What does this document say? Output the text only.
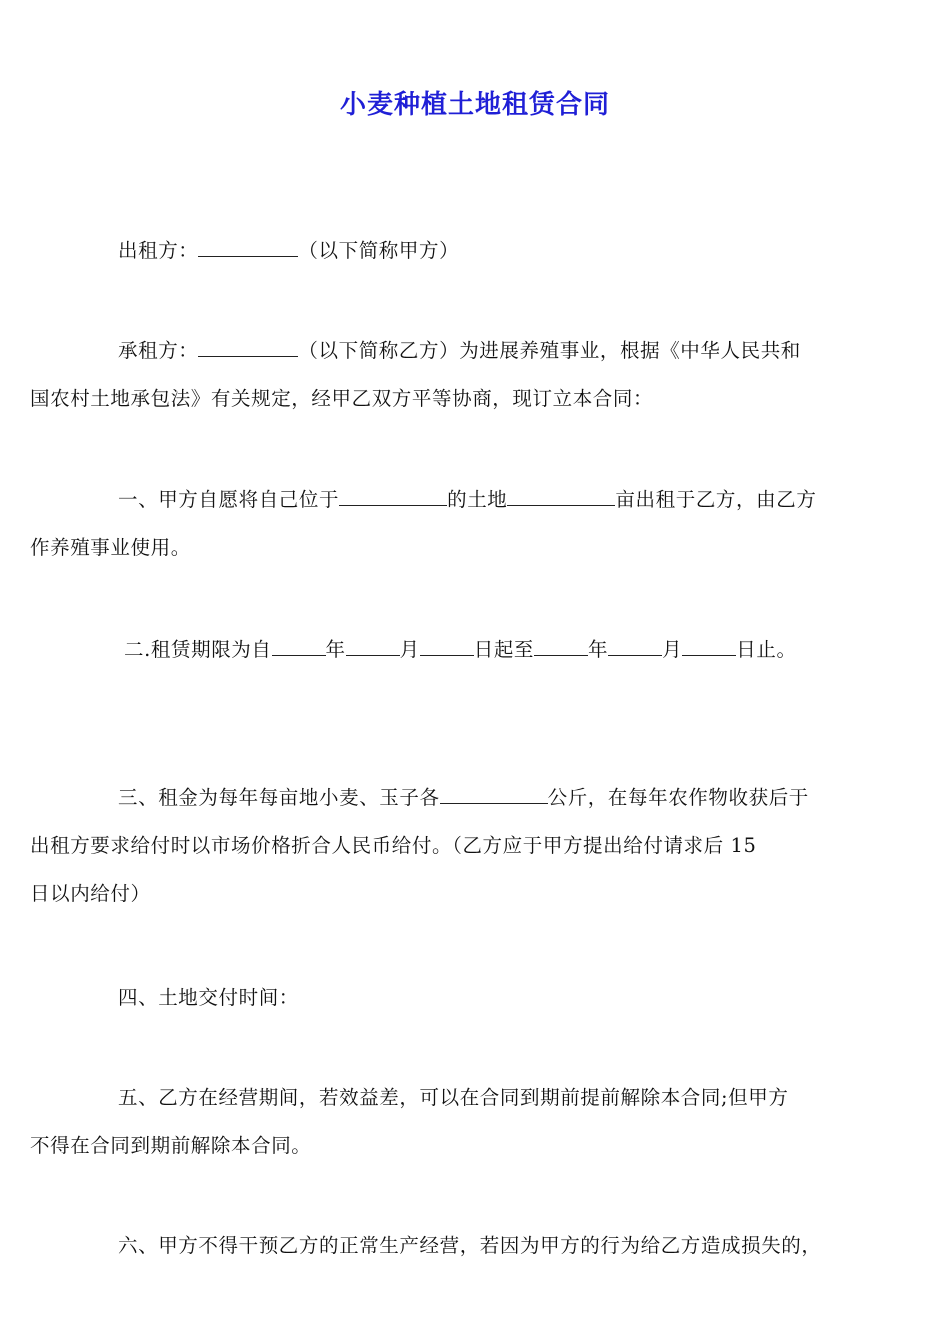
小麦种植土地租赁合同
出租方：	（以下简称甲方）
承租方：	（以下简称乙方）为进展养殖事业，根据《中华人民共和
国农村土地承包法》有关规定，经甲乙双方平等协商，现订立本合同：
一、甲方自愿将自己位于	的土地	亩出租于乙方，由乙方
作养殖事业使用。
二.租赁期限为自	年	月	日起至	年	月	日止。
三、租金为每年每亩地小麦、玉子各	公斤，在每年农作物收获后于
出租方要求给付时以市场价格折合人民币给付。（乙方应于甲方提出给付请求后 15
日以内给付）
四、土地交付时间：
五、乙方在经营期间，若效益差，可以在合同到期前提前解除本合同;但甲方
不得在合同到期前解除本合同。
六、甲方不得干预乙方的正常生产经营，若因为甲方的行为给乙方造成损失的，
